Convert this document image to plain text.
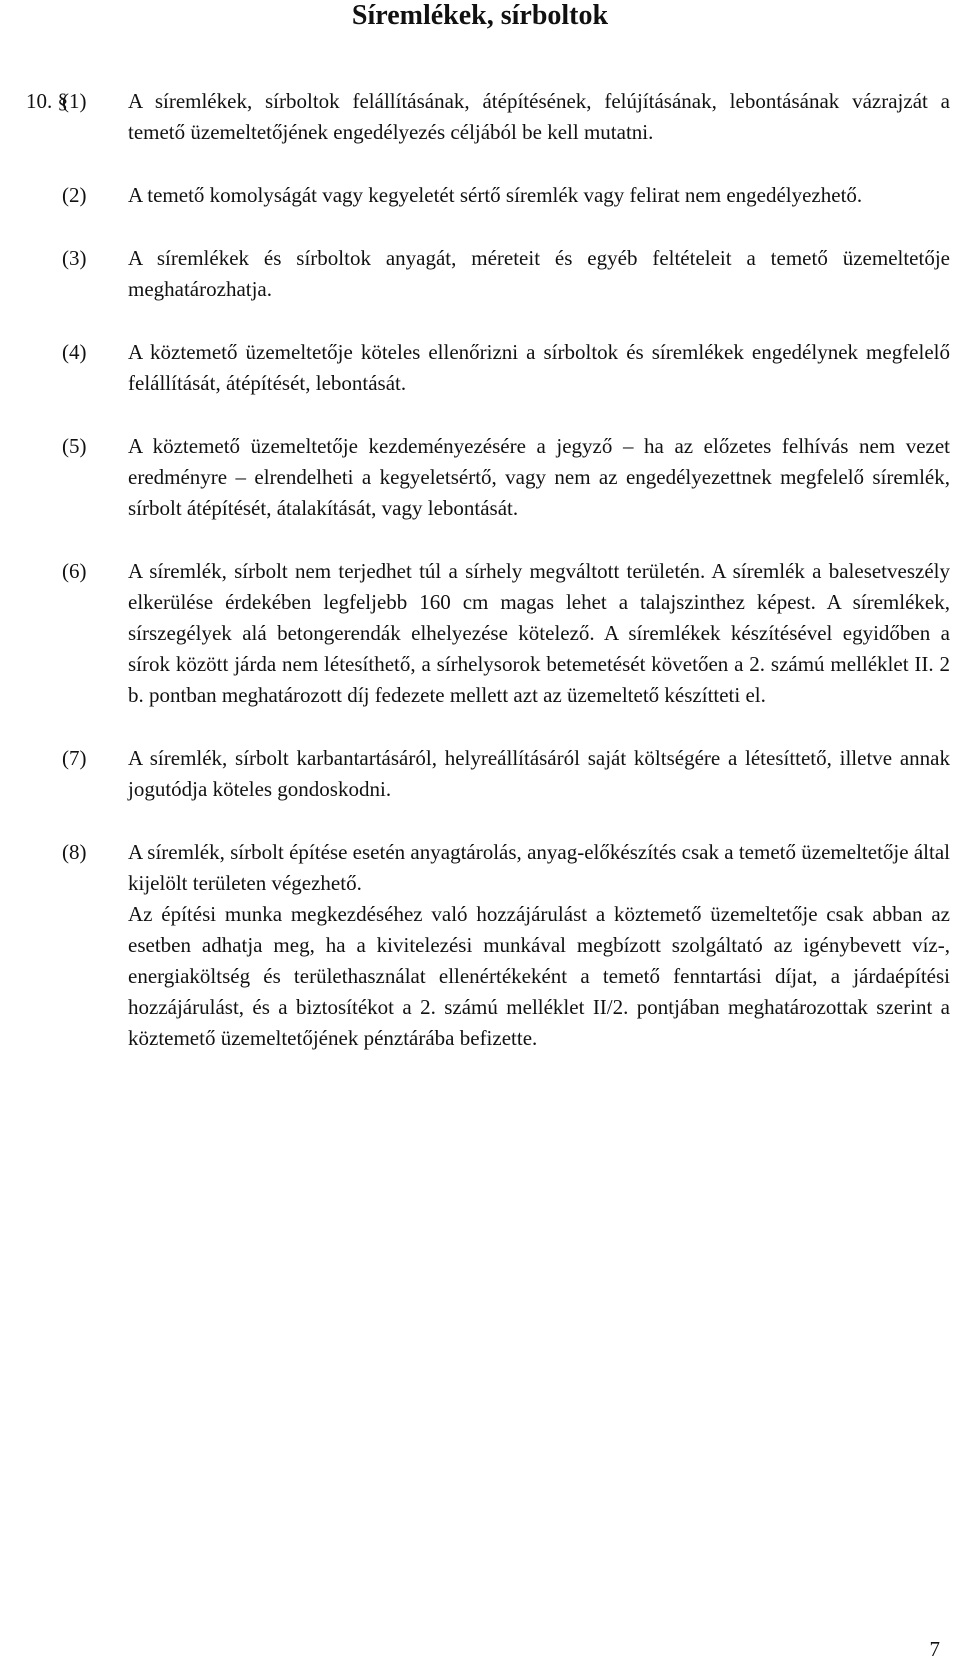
Síremlékek, sírboltok
10. §
(1) A síremlékek, sírboltok felállításának, átépítésének, felújításának, lebontásának vázrajzát a temető üzemeltetőjének engedélyezés céljából be kell mutatni.

(2) A temető komolyságát vagy kegyeletét sértő síremlék vagy felirat nem engedélyezhető.

(3) A síremlékek és sírboltok anyagát, méreteit és egyéb feltételeit a temető üzemeltetője meghatározhatja.

(4) A köztemető üzemeltetője köteles ellenőrizni a sírboltok és síremlékek engedélynek megfelelő felállítását, átépítését, lebontását.

(5) A köztemető üzemeltetője kezdeményezésére a jegyző – ha az előzetes felhívás nem vezet eredményre – elrendelheti a kegyeletsértő, vagy nem az engedélyezettnek megfelelő síremlék, sírbolt átépítését, átalakítását, vagy lebontását.

(6) A síremlék, sírbolt nem terjedhet túl a sírhely megváltott területén. A síremlék a balesetveszély elkerülése érdekében legfeljebb 160 cm magas lehet a talajszinthez képest. A síremlékek, sírszegélyek alá betongerendák elhelyezése kötelező. A síremlékek készítésével egyidőben a sírok között járda nem létesíthető, a sírhelysorok betemetését követően a 2. számú melléklet II. 2 b. pontban meghatározott díj fedezete mellett azt az üzemeltető készítteti el.

(7) A síremlék, sírbolt karbantartásáról, helyreállításáról saját költségére a létesíttető, illetve annak jogutódja köteles gondoskodni.

(8) A síremlék, sírbolt építése esetén anyagtárolás, anyag-előkészítés csak a temető üzemeltetője által kijelölt területen végezhető.

Az építési munka megkezdéséhez való hozzájárulást a köztemető üzemeltetője csak abban az esetben adhatja meg, ha a kivitelezési munkával megbízott szolgáltató az igénybevett víz-, energiaköltség és területhasználat ellenértékeként a temető fenntartási díjat, a járdaépítési hozzájárulást, és a biztosítékot a 2. számú melléklet II/2. pontjában meghatározottak szerint a köztemető üzemeltetőjének pénztárába befizette.

7
